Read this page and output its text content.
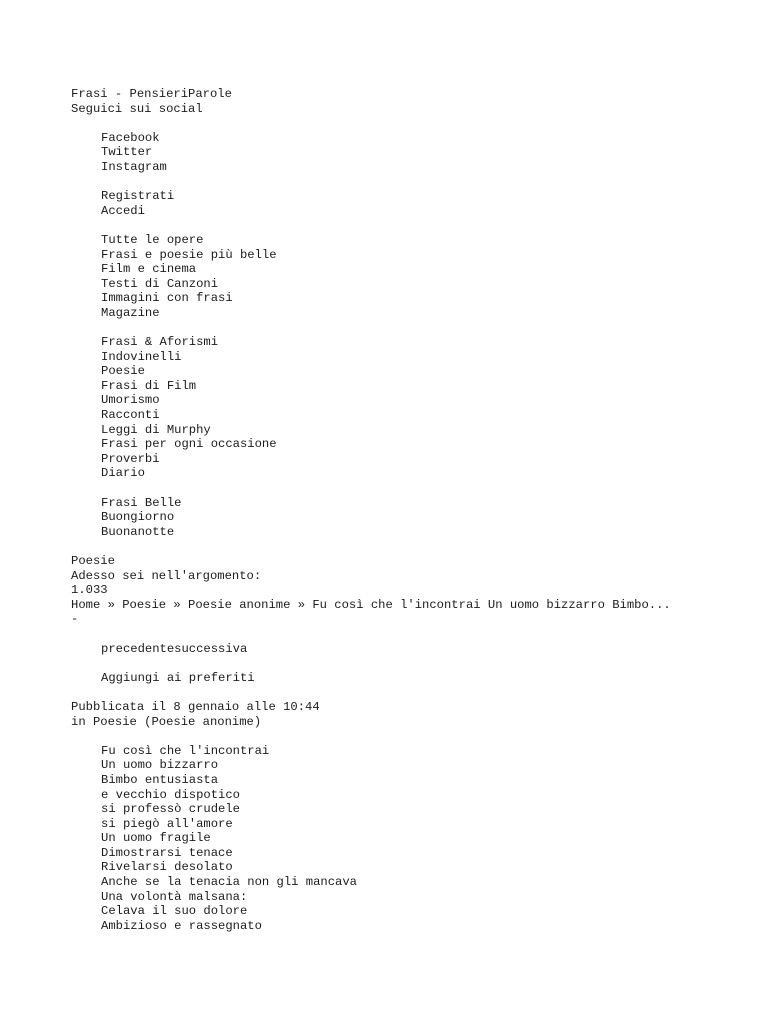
Frasi - PensieriParole
Seguici sui social
Facebook
Twitter
Instagram
Registrati
Accedi
Tutte le opere
Frasi e poesie più belle
Film e cinema
Testi di Canzoni
Immagini con frasi
Magazine
Frasi & Aforismi
Indovinelli
Poesie
Frasi di Film
Umorismo
Racconti
Leggi di Murphy
Frasi per ogni occasione
Proverbi
Diario
Frasi Belle
Buongiorno
Buonanotte
Poesie
Adesso sei nell'argomento:
1.033
Home » Poesie » Poesie anonime » Fu così che l'incontrai Un uomo bizzarro Bimbo...
-
precedentesuccessiva
Aggiungi ai preferiti
Pubblicata il 8 gennaio alle 10:44
in Poesie (Poesie anonime)
Fu così che l'incontrai
Un uomo bizzarro
Bimbo entusiasta
e vecchio dispotico
si professò crudele
si piegò all'amore
Un uomo fragile
Dimostrarsi tenace
Rivelarsi desolato
Anche se la tenacia non gli mancava
Una volontà malsana:
Celava il suo dolore
Ambizioso e rassegnato
